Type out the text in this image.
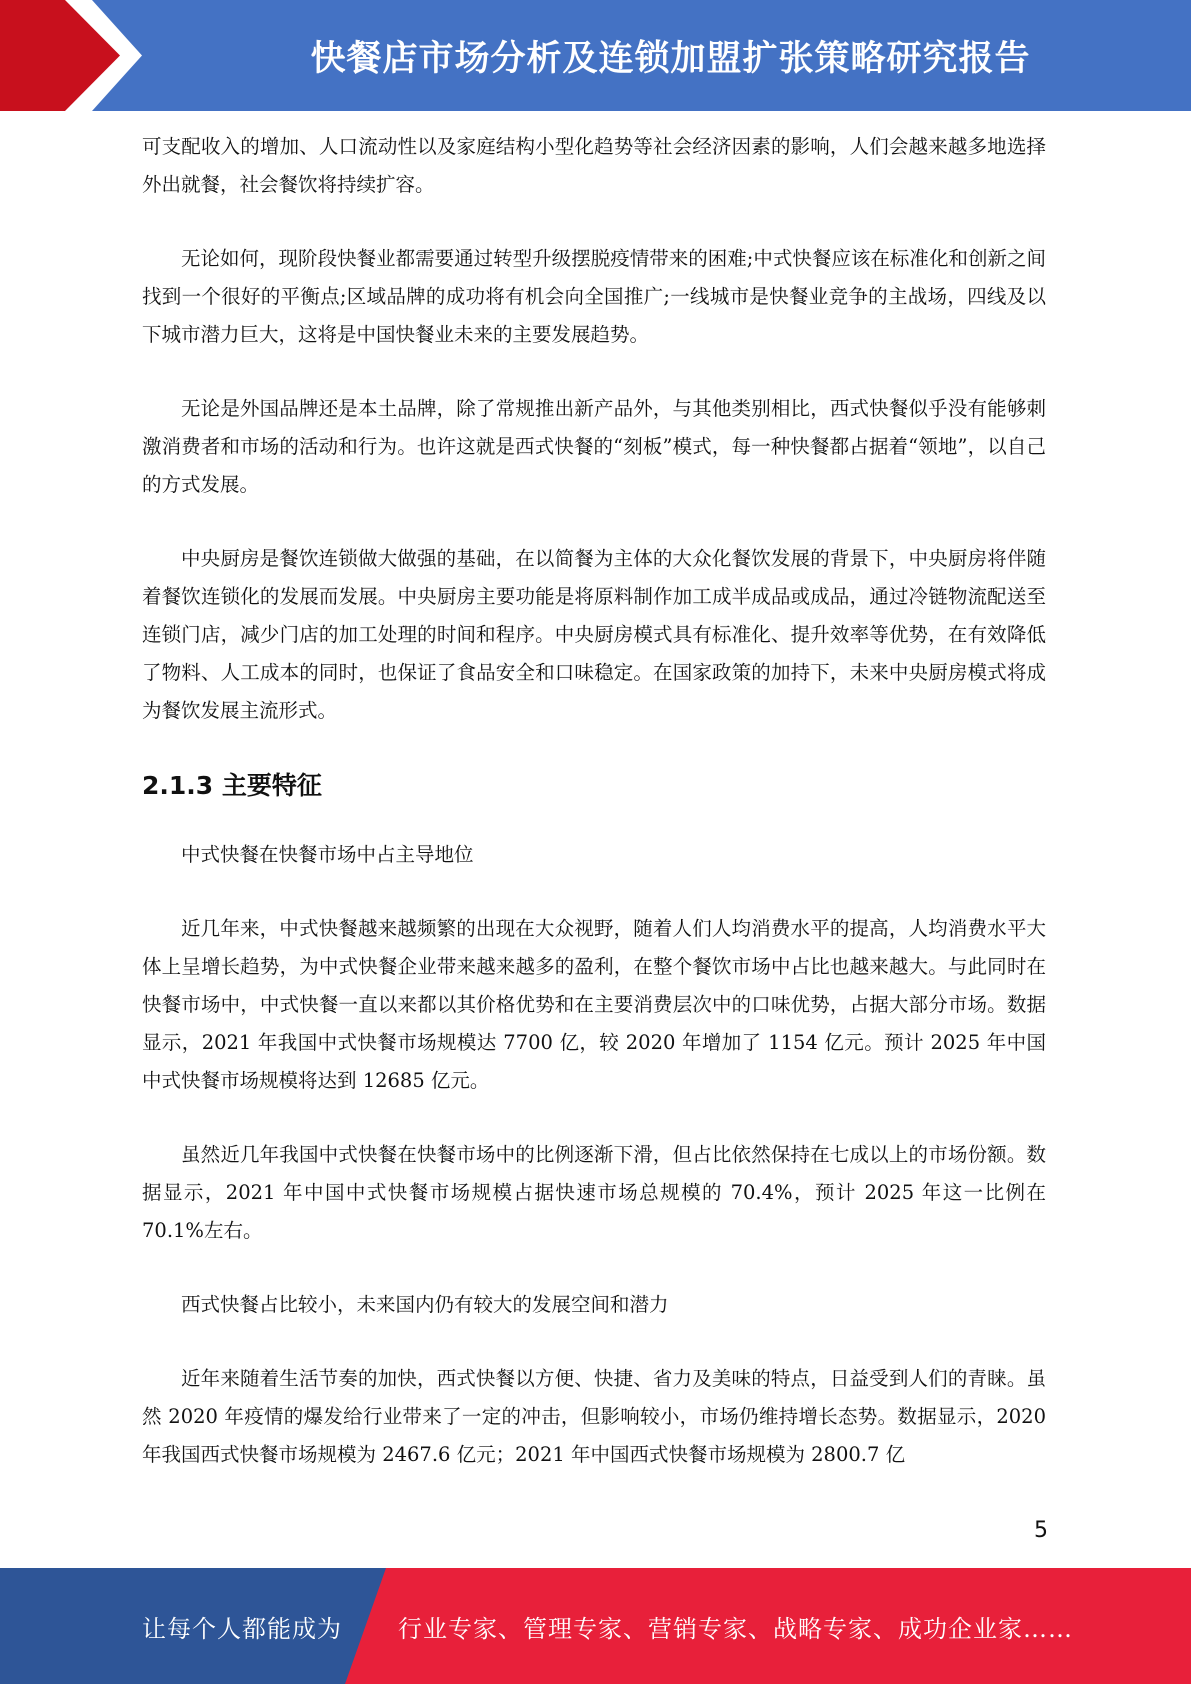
快餐店市场分析及连锁加盟扩张策略研究报告

可支配收入的增加、人口流动性以及家庭结构小型化趋势等社会经济因素的影响，人们会越来越多地选择外出就餐，社会餐饮将持续扩容。

无论如何，现阶段快餐业都需要通过转型升级摆脱疫情带来的困难;中式快餐应该在标准化和创新之间找到一个很好的平衡点;区域品牌的成功将有机会向全国推广;一线城市是快餐业竞争的主战场，四线及以下城市潜力巨大，这将是中国快餐业未来的主要发展趋势。

无论是外国品牌还是本土品牌，除了常规推出新产品外，与其他类别相比，西式快餐似乎没有能够刺激消费者和市场的活动和行为。也许这就是西式快餐的“刻板”模式，每一种快餐都占据着“领地”，以自己的方式发展。

中央厨房是餐饮连锁做大做强的基础，在以简餐为主体的大众化餐饮发展的背景下，中央厨房将伴随着餐饮连锁化的发展而发展。中央厨房主要功能是将原料制作加工成半成品或成品，通过冷链物流配送至连锁门店，减少门店的加工处理的时间和程序。中央厨房模式具有标准化、提升效率等优势，在有效降低了物料、人工成本的同时，也保证了食品安全和口味稳定。在国家政策的加持下，未来中央厨房模式将成为餐饮发展主流形式。

2.1.3 主要特征

中式快餐在快餐市场中占主导地位

近几年来，中式快餐越来越频繁的出现在大众视野，随着人们人均消费水平的提高，人均消费水平大体上呈增长趋势，为中式快餐企业带来越来越多的盈利，在整个餐饮市场中占比也越来越大。与此同时在快餐市场中，中式快餐一直以来都以其价格优势和在主要消费层次中的口味优势，占据大部分市场。数据显示，2021 年我国中式快餐市场规模达 7700 亿，较 2020 年增加了 1154 亿元。预计 2025 年中国中式快餐市场规模将达到 12685 亿元。

虽然近几年我国中式快餐在快餐市场中的比例逐渐下滑，但占比依然保持在七成以上的市场份额。数据显示，2021 年中国中式快餐市场规模占据快速市场总规模的 70.4%，预计 2025 年这一比例在 70.1%左右。

西式快餐占比较小，未来国内仍有较大的发展空间和潜力

近年来随着生活节奏的加快，西式快餐以方便、快捷、省力及美味的特点，日益受到人们的青睐。虽然 2020 年疫情的爆发给行业带来了一定的冲击，但影响较小，市场仍维持增长态势。数据显示，2020 年我国西式快餐市场规模为 2467.6 亿元；2021 年中国西式快餐市场规模为 2800.7 亿

5
让每个人都能成为 行业专家、管理专家、营销专家、战略专家、成功企业家……
